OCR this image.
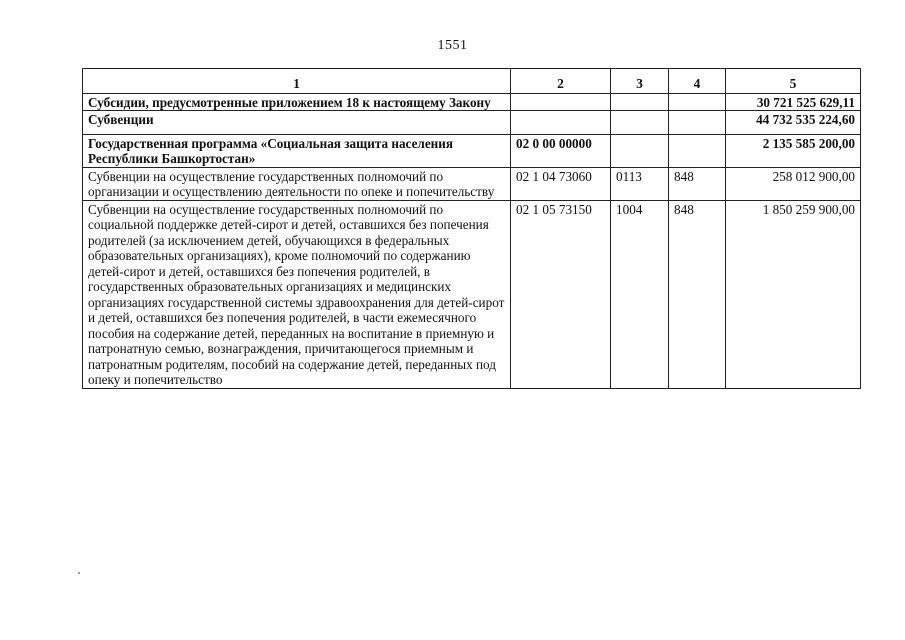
1551
1	2	3	4	5
Субсидии, предусмотренные приложением 18 к настоящему Закону				30 721 525 629,11
Субвенции				44 732 535 224,60
Государственная программа «Социальная защита населения Республики Башкортостан»	02 0 00 00000			2 135 585 200,00
Субвенции на осуществление государственных полномочий по организации и осуществлению деятельности по опеке и попечительству	02 1 04 73060	0113	848	258 012 900,00
Субвенции на осуществление государственных полномочий по социальной поддержке детей-сирот и детей, оставшихся без попечения родителей (за исключением детей, обучающихся в федеральных образовательных организациях), кроме полномочий по содержанию детей-сирот и детей, оставшихся без попечения родителей, в государственных образовательных организациях и медицинских организациях государственной системы здравоохранения для детей-сирот и детей, оставшихся без попечения родителей, в части ежемесячного пособия на содержание детей, переданных на воспитание в приемную и патронатную семью, вознаграждения, причитающегося приемным и патронатным родителям, пособий на содержание детей, переданных под опеку и попечительство	02 1 05 73150	1004	848	1 850 259 900,00
